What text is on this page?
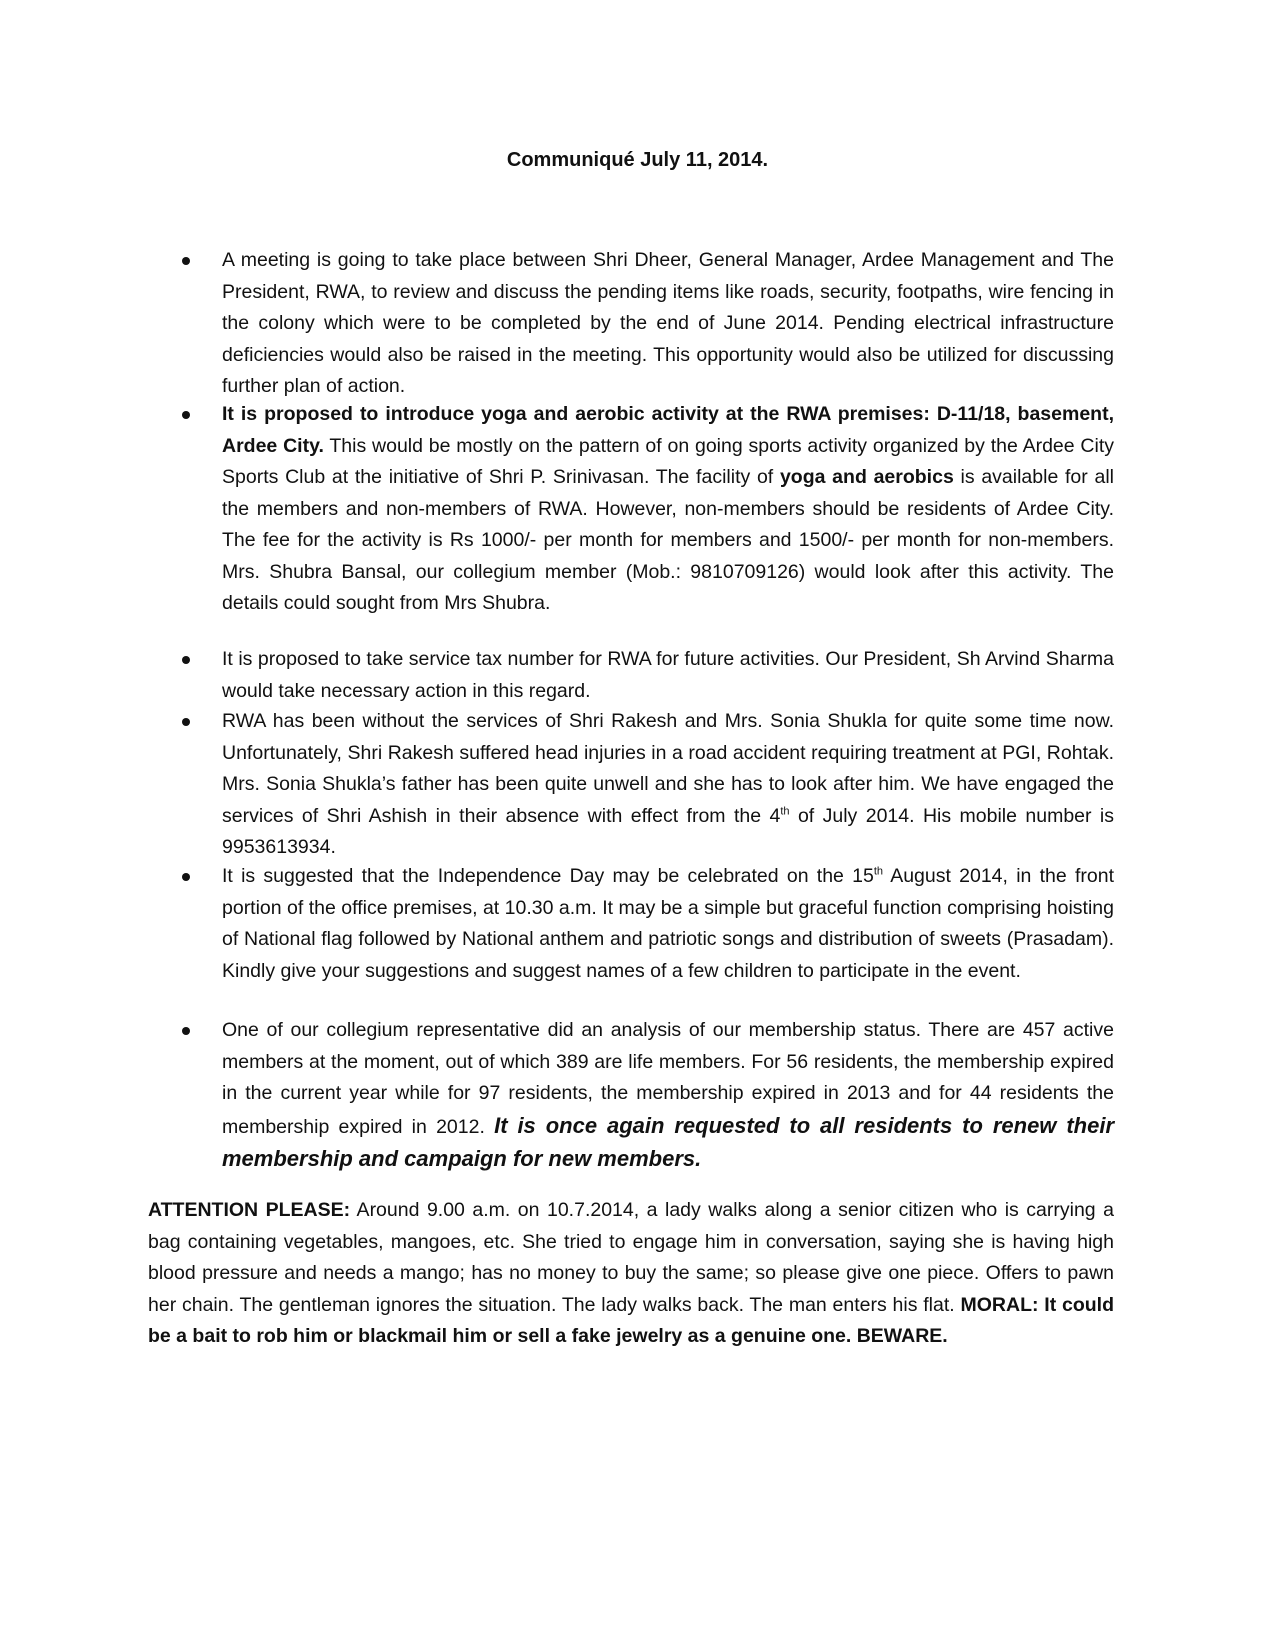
Communiqué July 11, 2014.

A meeting is going to take place between Shri Dheer, General Manager, Ardee Management and The President, RWA, to review and discuss the pending items like roads, security, footpaths, wire fencing in the colony which were to be completed by the end of June 2014. Pending electrical infrastructure deficiencies would also be raised in the meeting. This opportunity would also be utilized for discussing further plan of action.

It is proposed to introduce yoga and aerobic activity at the RWA premises: D-11/18, basement, Ardee City. This would be mostly on the pattern of on going sports activity organized by the Ardee City Sports Club at the initiative of Shri P. Srinivasan. The facility of yoga and aerobics is available for all the members and non-members of RWA. However, non-members should be residents of Ardee City. The fee for the activity is Rs 1000/- per month for members and 1500/- per month for non-members. Mrs. Shubra Bansal, our collegium member (Mob.: 9810709126) would look after this activity. The details could sought from Mrs Shubra.

It is proposed to take service tax number for RWA for future activities. Our President, Sh Arvind Sharma would take necessary action in this regard.

RWA has been without the services of Shri Rakesh and Mrs. Sonia Shukla for quite some time now. Unfortunately, Shri Rakesh suffered head injuries in a road accident requiring treatment at PGI, Rohtak. Mrs. Sonia Shukla’s father has been quite unwell and she has to look after him. We have engaged the services of Shri Ashish in their absence with effect from the 4th of July 2014. His mobile number is 9953613934.

It is suggested that the Independence Day may be celebrated on the 15th August 2014, in the front portion of the office premises, at 10.30 a.m. It may be a simple but graceful function comprising hoisting of National flag followed by National anthem and patriotic songs and distribution of sweets (Prasadam). Kindly give your suggestions and suggest names of a few children to participate in the event.

One of our collegium representative did an analysis of our membership status. There are 457 active members at the moment, out of which 389 are life members. For 56 residents, the membership expired in the current year while for 97 residents, the membership expired in 2013 and for 44 residents the membership expired in 2012. It is once again requested to all residents to renew their membership and campaign for new members.

ATTENTION PLEASE: Around 9.00 a.m. on 10.7.2014, a lady walks along a senior citizen who is carrying a bag containing vegetables, mangoes, etc. She tried to engage him in conversation, saying she is having high blood pressure and needs a mango; has no money to buy the same; so please give one piece. Offers to pawn her chain. The gentleman ignores the situation. The lady walks back. The man enters his flat. MORAL: It could be a bait to rob him or blackmail him or sell a fake jewelry as a genuine one. BEWARE.
